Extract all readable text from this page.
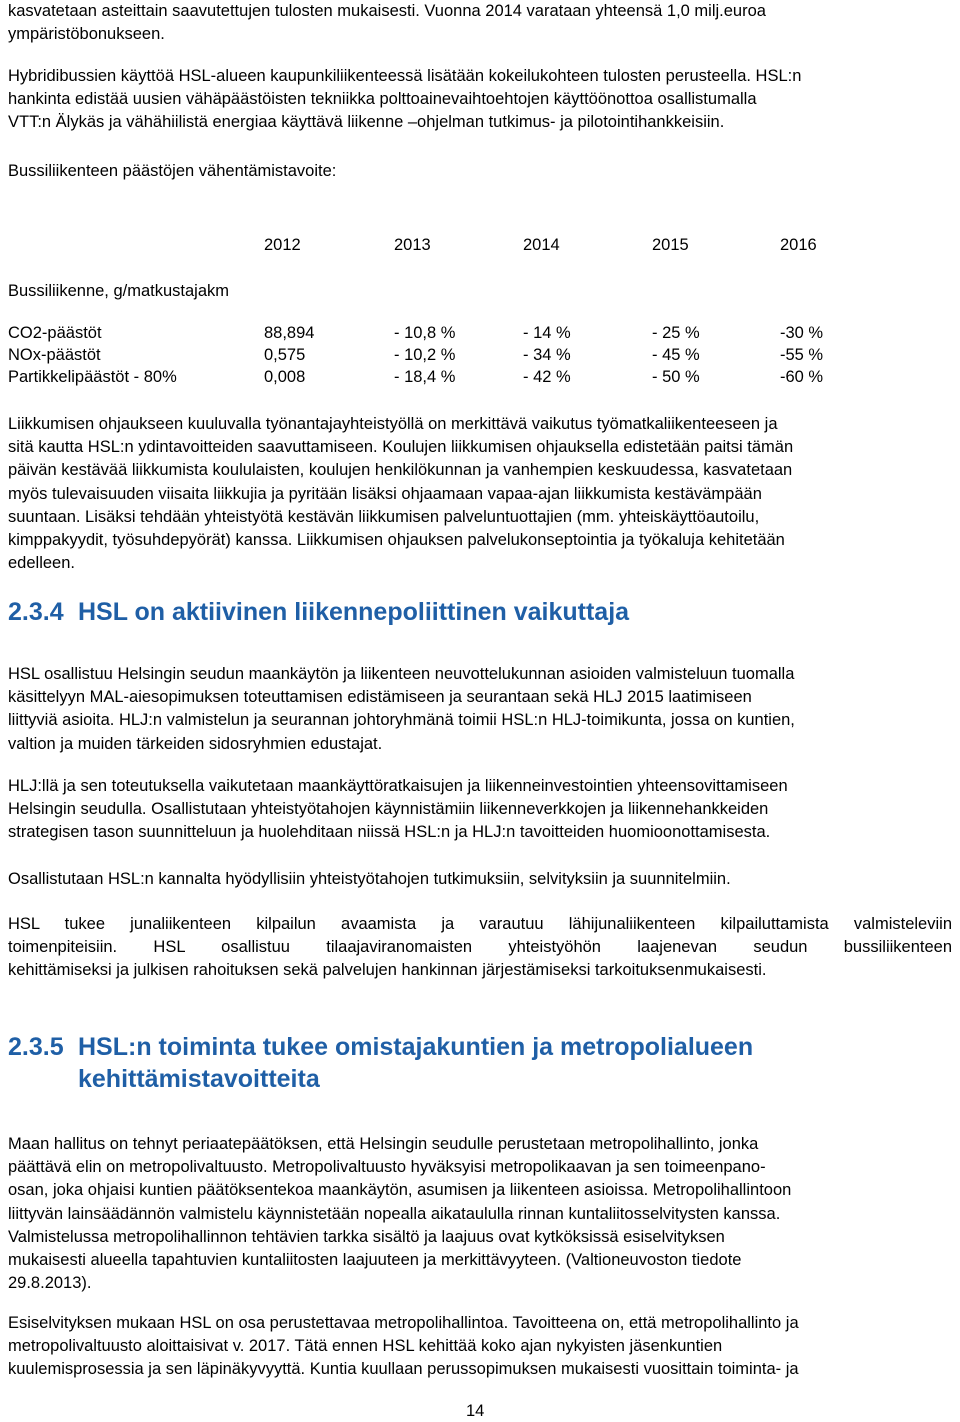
kasvatetaan asteittain saavutettujen tulosten mukaisesti. Vuonna 2014 varataan yhteensä 1,0 milj.euroa
ympäristöbonukseen.
Hybridibussien käyttöä HSL-alueen kaupunkiliikenteessä lisätään kokeilukohteen tulosten perusteella. HSL:n
hankinta edistää uusien vähäpäästöisten tekniikka polttoainevaihtoehtojen käyttöönottoa osallistumalla
VTT:n Älykäs ja vähähiilistä energiaa käyttävä liikenne –ohjelman tutkimus- ja pilotointihankkeisiin.
Bussiliikenteen päästöjen vähentämistavoite:
	2012	2013	2014	2015	2016
Bussiliikenne, g/matkustajakm					

CO2-päästöt	88,894	- 10,8 %	- 14 %	- 25 %	-30 %
NOx-päästöt	0,575	- 10,2 %	- 34 %	- 45 %	-55 %
Partikkelipäästöt - 80%	0,008	- 18,4 %	- 42 %	- 50 %	-60 %
Liikkumisen ohjaukseen kuuluvalla työnantajayhteistyöllä on merkittävä vaikutus työmatkaliikenteeseen ja
sitä kautta HSL:n ydintavoitteiden saavuttamiseen. Koulujen liikkumisen ohjauksella edistetään paitsi tämän
päivän kestävää liikkumista koululaisten, koulujen henkilökunnan ja vanhempien keskuudessa, kasvatetaan
myös tulevaisuuden viisaita liikkujia ja pyritään lisäksi ohjaamaan vapaa-ajan liikkumista kestävämpään
suuntaan. Lisäksi tehdään yhteistyötä kestävän liikkumisen palveluntuottajien (mm. yhteiskäyttöautoilu,
kimppakyydit, työsuhdepyörät) kanssa. Liikkumisen ohjauksen palvelukonseptointia ja työkaluja kehitetään
edelleen.
2.3.4 HSL on aktiivinen liikennepoliittinen vaikuttaja
HSL osallistuu Helsingin seudun maankäytön ja liikenteen neuvottelukunnan asioiden valmisteluun tuomalla
käsittelyyn MAL-aiesopimuksen toteuttamisen edistämiseen ja seurantaan sekä HLJ 2015 laatimiseen
liittyviä asioita. HLJ:n valmistelun ja seurannan johtoryhmänä toimii HSL:n HLJ-toimikunta, jossa on kuntien,
valtion ja muiden tärkeiden sidosryhmien edustajat.
HLJ:llä ja sen toteutuksella vaikutetaan maankäyttöratkaisujen ja liikenneinvestointien yhteensovittamiseen
Helsingin seudulla. Osallistutaan yhteistyötahojen käynnistämiin liikenneverkkojen ja liikennehankkeiden
strategisen tason suunnitteluun ja huolehditaan niissä HSL:n ja HLJ:n tavoitteiden huomioonottamisesta.
Osallistutaan HSL:n kannalta hyödyllisiin yhteistyötahojen tutkimuksiin, selvityksiin ja suunnitelmiin.
HSL tukee junaliikenteen kilpailun avaamista ja varautuu lähijunaliikenteen kilpailuttamista valmisteleviin
toimenpiteisiin. HSL osallistuu tilaajaviranomaisten yhteistyöhön laajenevan seudun bussiliikenteen
kehittämiseksi ja julkisen rahoituksen sekä palvelujen hankinnan järjestämiseksi tarkoituksenmukaisesti.
2.3.5 HSL:n toiminta tukee omistajakuntien ja metropolialueen
kehittämistavoitteita
Maan hallitus on tehnyt periaatepäätöksen, että Helsingin seudulle perustetaan metropolihallinto, jonka
päättävä elin on metropolivaltuusto. Metropolivaltuusto hyväksyisi metropolikaavan ja sen toimeenpano-
osan, joka ohjaisi kuntien päätöksentekoa maankäytön, asumisen ja liikenteen asioissa. Metropolihallintoon
liittyvän lainsäädännön valmistelu käynnistetään nopealla aikataululla rinnan kuntaliitosselvitysten kanssa.
Valmistelussa metropolihallinnon tehtävien tarkka sisältö ja laajuus ovat kytköksissä esiselvityksen
mukaisesti alueella tapahtuvien kuntaliitosten laajuuteen ja merkittävyyteen. (Valtioneuvoston tiedote
29.8.2013).
Esiselvityksen mukaan HSL on osa perustettavaa metropolihallintoa. Tavoitteena on, että metropolihallinto ja
metropolivaltuusto aloittaisivat v. 2017. Tätä ennen HSL kehittää koko ajan nykyisten jäsenkuntien
kuulemisprosessia ja sen läpinäkyvyyttä. Kuntia kuullaan perussopimuksen mukaisesti vuosittain toiminta- ja
14
